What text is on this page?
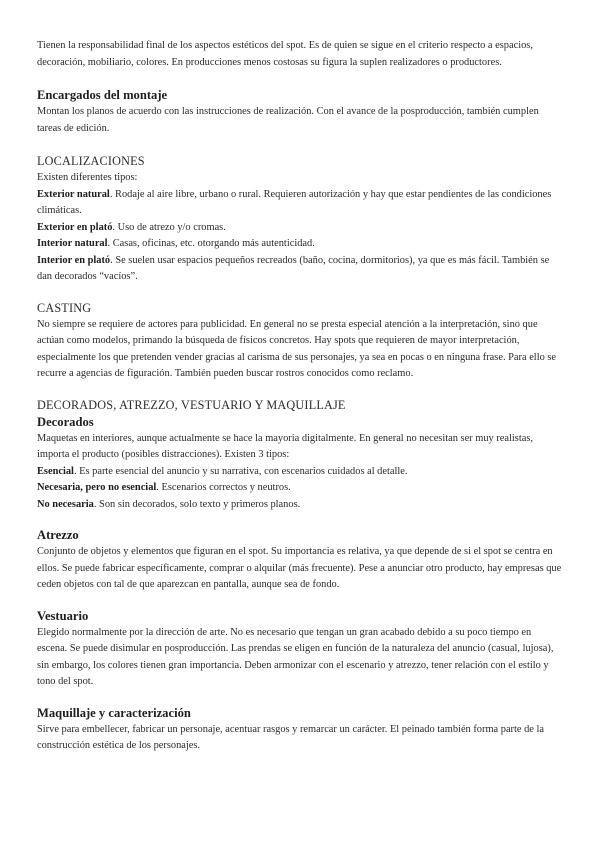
Tienen la responsabilidad final de los aspectos estéticos del spot. Es de quien se sigue en el criterio respecto a espacios, decoración, mobiliario, colores. En producciones menos costosas su figura la suplen realizadores o productores.

Encargados del montaje

Montan los planos de acuerdo con las instrucciones de realización. Con el avance de la posproducción, también cumplen tareas de edición.

LOCALIZACIONES

Existen diferentes tipos:

Exterior natural. Rodaje al aire libre, urbano o rural. Requieren autorización y hay que estar pendientes de las condiciones climáticas.

Exterior en plató. Uso de atrezo y/o cromas.

Interior natural. Casas, oficinas, etc. otorgando más autenticidad.

Interior en plató. Se suelen usar espacios pequeños recreados (baño, cocina, dormitorios), ya que es más fácil. También se dan decorados “vacíos”.

CASTING

No siempre se requiere de actores para publicidad. En general no se presta especial atención a la interpretación, sino que actúan como modelos, primando la búsqueda de físicos concretos. Hay spots que requieren de mayor interpretación, especialmente los que pretenden vender gracias al carisma de sus personajes, ya sea en pocas o en ninguna frase. Para ello se recurre a agencias de figuración. También pueden buscar rostros conocidos como reclamo.

DECORADOS, ATREZZO, VESTUARIO Y MAQUILLAJE
Decorados

Maquetas en interiores, aunque actualmente se hace la mayoría digitalmente. En general no necesitan ser muy realistas, importa el producto (posibles distracciones). Existen 3 tipos:

Esencial. Es parte esencial del anuncio y su narrativa, con escenarios cuidados al detalle.

Necesaria, pero no esencial. Escenarios correctos y neutros.

No necesaria. Son sin decorados, solo texto y primeros planos.

Atrezzo

Conjunto de objetos y elementos que figuran en el spot. Su importancia es relativa, ya que depende de si el spot se centra en ellos. Se puede fabricar específicamente, comprar o alquilar (más frecuente). Pese a anunciar otro producto, hay empresas que ceden objetos con tal de que aparezcan en pantalla, aunque sea de fondo.

Vestuario

Elegido normalmente por la dirección de arte. No es necesario que tengan un gran acabado debido a su poco tiempo en escena. Se puede disimular en posproducción. Las prendas se eligen en función de la naturaleza del anuncio (casual, lujosa), sin embargo, los colores tienen gran importancia. Deben armonizar con el escenario y atrezzo, tener relación con el estilo y tono del spot.

Maquillaje y caracterización

Sirve para embellecer, fabricar un personaje, acentuar rasgos y remarcar un carácter. El peinado también forma parte de la construcción estética de los personajes.
